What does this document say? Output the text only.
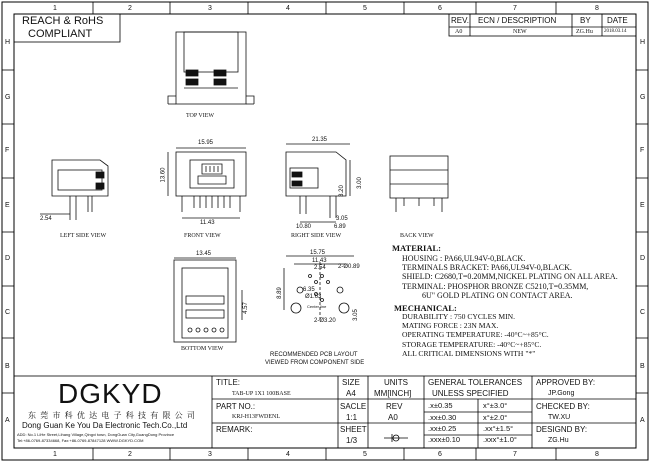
1	2	3	4	5	6	7	8
1	2	3	4	5	6	7	8
H
G
F
E
D
C
B
A
H
G
F
E
D
C
B
A
REACH & RoHS
COMPLIANT
REV. ECN / DESCRIPTION	BY DATE
A0	NEW	ZG.Hu 2018.03.14
TOP VIEW
LEFT SIDE VIEW	FRONT VIEW	RIGHT SIDE VIEW	BACK VIEW
BOTTOM VIEW
RECOMMENDED PCB LAYOUT
VIEWED FROM COMPONENT SIDE
15.95
13.60
11.43
21.35
3.20
3.00
10.80
3.05
6.89
2.54
13.45
4.57
15.75
11.43
2.54
Ø1.63
2-Ø0.89
8.89	6.35
3.05
2-Ø3.20
Center line
MATERIAL:
HOUSING : PA66,UL94V-0,BLACK.
TERMINALS BRACKET: PA66,UL94V-0,BLACK.
SHIELD: C2680,T=0.20MM,NICKEL PLATING ON ALL AREA.
TERMINAL: PHOSPHOR BRONZE C5210,T=0.35MM,
6U" GOLD PLATING ON CONTACT AREA.
MECHANICAL:
DURABILITY : 750 CYCLES MIN.
MATING FORCE : 23N MAX.
OPERATING TEMPERATURE: -40°C~+85°C.
STORAGE TEMPERATURE: -40°C~+85°C.
ALL CRITICAL DIMENSIONS WITH "*"
DGKYD
东 莞 市 科 优 达 电 子 科 技 有 限 公 司
Dong Guan Ke You Da Electronic Tech.Co.,Ltd
ADD: No.1 LiHe Street,Lihang Village,Qingxi town, DongGuan City,GuangDong Province
Tel:+86-0769-87334668, Fax:+86-0769-87847128 WWW.DGKYD.COM
TITLE:
TAB-UP 1X1 100BASE
PART NO.:
KRJ-H13FWDENL
REMARK:
SIZE
A4
SACLE
1:1
SHEET
1/3
UNITS
MM[INCH]
REV
A0
GENERAL TOLERANCES
UNLESS SPECIFIED
.x±0.35	x°±3.0°
.xx±0.30	x°±2.0°
.xx±0.25	.xx°±1.5°
.xxx±0.10	.xxx°±1.0°
APPROVED BY:
JP.Gong
CHECKED BY:
TW.XU
DESIGND BY:
ZG.Hu
